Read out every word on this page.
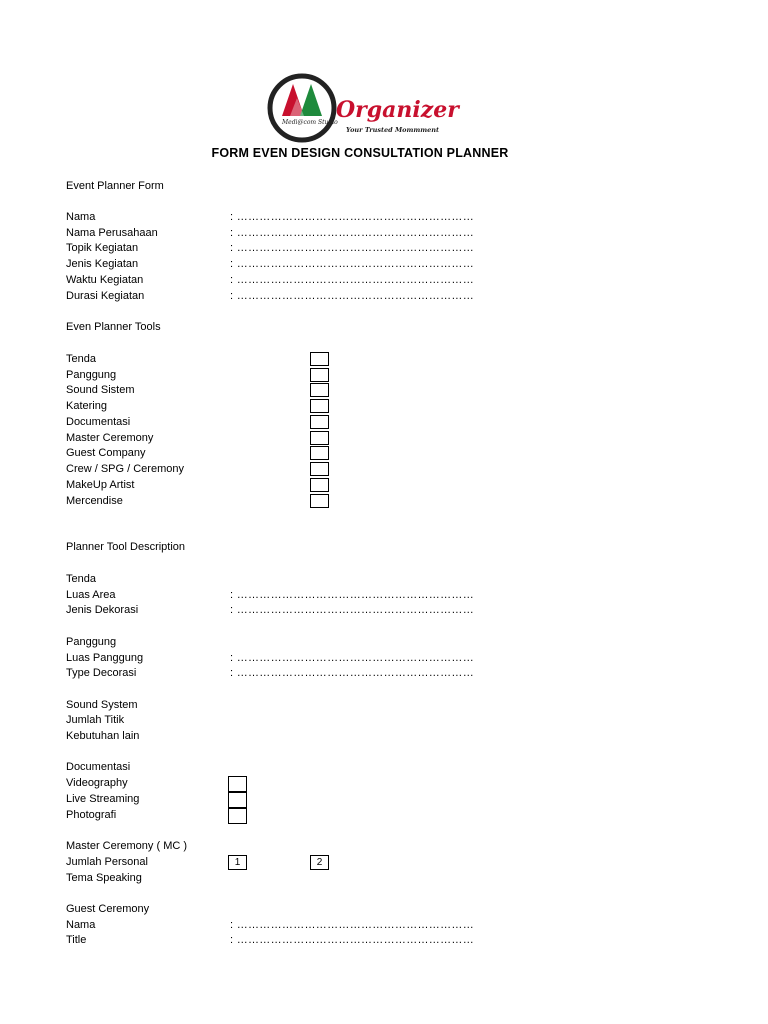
Medi@com Studio
Organizer
Your Trusted Mommment
FORM EVEN DESIGN CONSULTATION PLANNER
Event Planner Form
Nama	: ………………………………………………………
Nama Perusahaan	: ………………………………………………………
Topik Kegiatan	: ………………………………………………………
Jenis Kegiatan	: ………………………………………………………
Waktu Kegiatan	: ………………………………………………………
Durasi Kegiatan	: ………………………………………………………
Even Planner Tools
Tenda
Panggung
Sound Sistem
Katering
Documentasi
Master Ceremony
Guest Company
Crew / SPG / Ceremony
MakeUp Artist
Mercendise
Planner Tool Description
Tenda
Luas Area	: ………………………………………………………
Jenis Dekorasi	: ………………………………………………………
Panggung
Luas Panggung	: ………………………………………………………
Type Decorasi	: ………………………………………………………
Sound System
Jumlah Titik
Kebutuhan lain
Documentasi
Videography
Live Streaming
Photografi
Master Ceremony ( MC )
Jumlah Personal	1	2
Tema Speaking
Guest Ceremony
Nama	: ………………………………………………………
Title	: ………………………………………………………
